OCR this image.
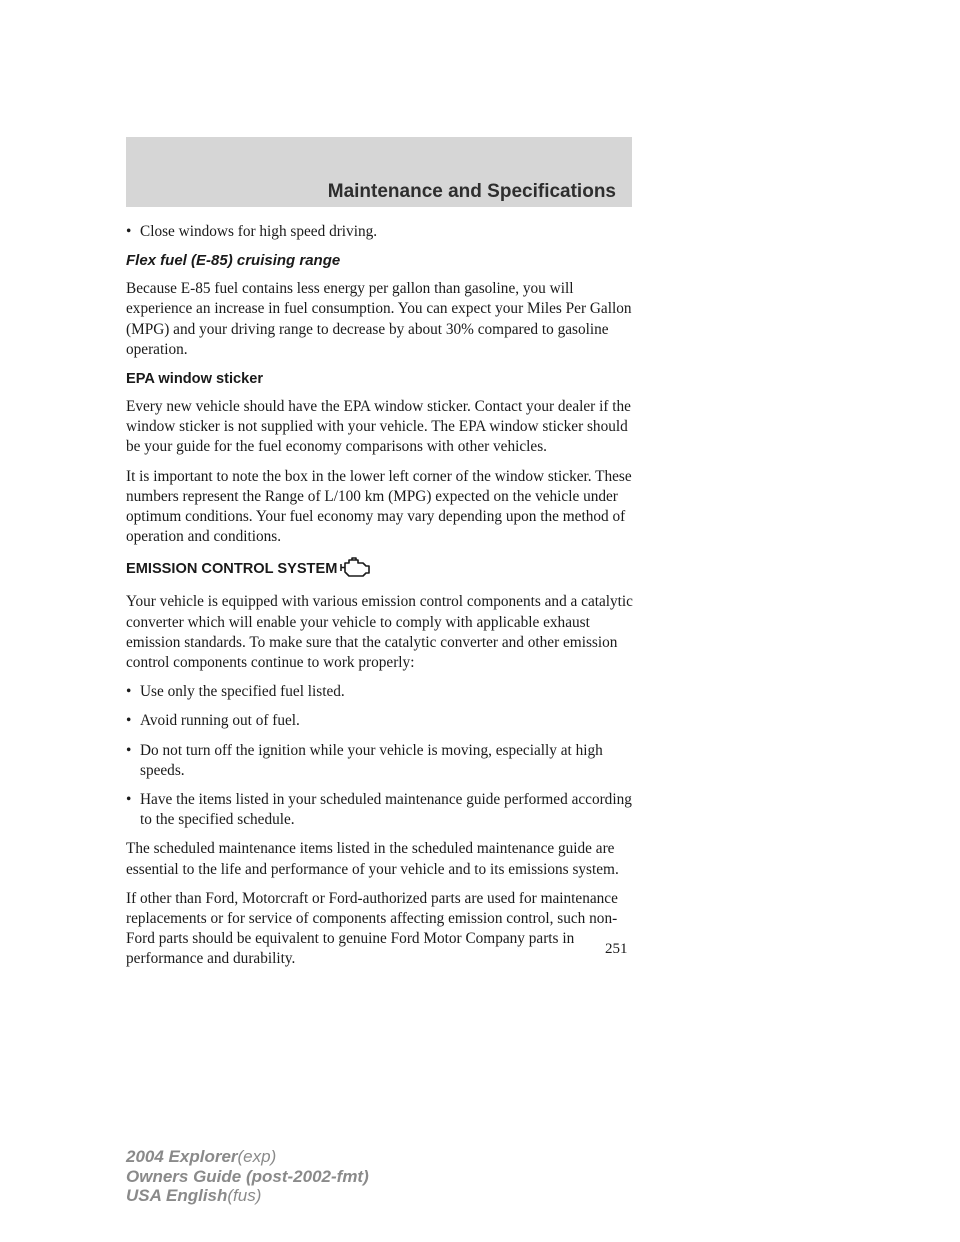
Maintenance and Specifications
• Close windows for high speed driving.
Flex fuel (E-85) cruising range

Because E-85 fuel contains less energy per gallon than gasoline, you will experience an increase in fuel consumption. You can expect your Miles Per Gallon (MPG) and your driving range to decrease by about 30% compared to gasoline operation.

EPA window sticker

Every new vehicle should have the EPA window sticker. Contact your dealer if the window sticker is not supplied with your vehicle. The EPA window sticker should be your guide for the fuel economy comparisons with other vehicles.

It is important to note the box in the lower left corner of the window sticker. These numbers represent the Range of L/100 km (MPG) expected on the vehicle under optimum conditions. Your fuel economy may vary depending upon the method of operation and conditions.

EMISSION CONTROL SYSTEM

Your vehicle is equipped with various emission control components and a catalytic converter which will enable your vehicle to comply with applicable exhaust emission standards. To make sure that the catalytic converter and other emission control components continue to work properly:

• Use only the specified fuel listed.
• Avoid running out of fuel.
• Do not turn off the ignition while your vehicle is moving, especially at high speeds.
• Have the items listed in your scheduled maintenance guide performed according to the specified schedule.

The scheduled maintenance items listed in the scheduled maintenance guide are essential to the life and performance of your vehicle and to its emissions system.

If other than Ford, Motorcraft or Ford-authorized parts are used for maintenance replacements or for service of components affecting emission control, such non-Ford parts should be equivalent to genuine Ford Motor Company parts in performance and durability.

251
2004 Explorer(exp)
Owners Guide (post-2002-fmt)
USA English(fus)
